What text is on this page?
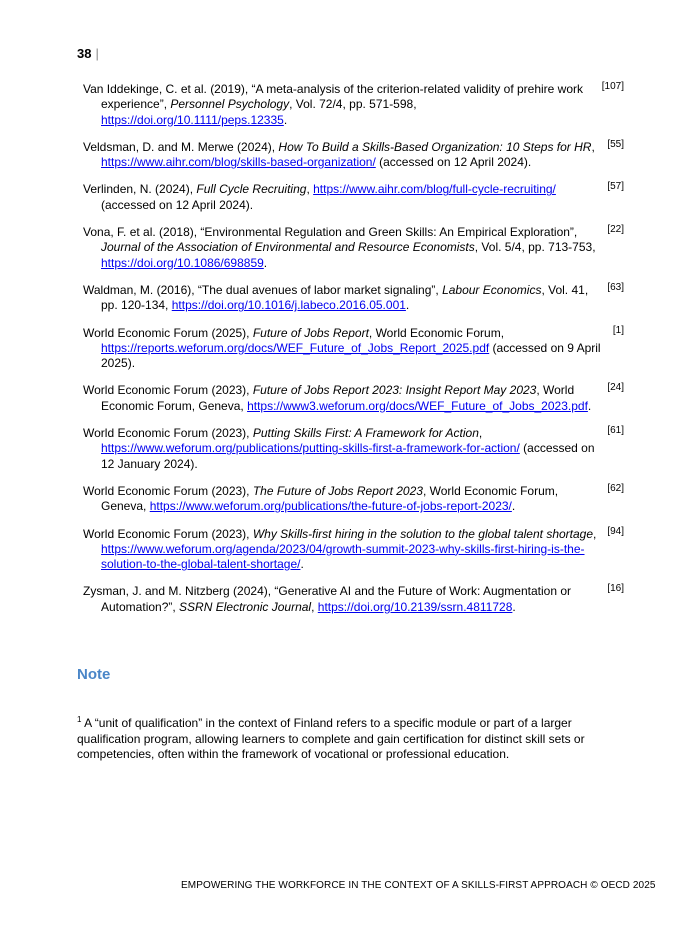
38 |
Van Iddekinge, C. et al. (2019), “A meta-analysis of the criterion-related validity of prehire work experience”, Personnel Psychology, Vol. 72/4, pp. 571-598, https://doi.org/10.1111/peps.12335.
[107]
Veldsman, D. and M. Merwe (2024), How To Build a Skills-Based Organization: 10 Steps for HR, https://www.aihr.com/blog/skills-based-organization/ (accessed on 12 April 2024).
[55]
Verlinden, N. (2024), Full Cycle Recruiting, https://www.aihr.com/blog/full-cycle-recruiting/ (accessed on 12 April 2024).
[57]
Vona, F. et al. (2018), “Environmental Regulation and Green Skills: An Empirical Exploration”, Journal of the Association of Environmental and Resource Economists, Vol. 5/4, pp. 713-753, https://doi.org/10.1086/698859.
[22]
Waldman, M. (2016), “The dual avenues of labor market signaling”, Labour Economics, Vol. 41, pp. 120-134, https://doi.org/10.1016/j.labeco.2016.05.001.
[63]
World Economic Forum (2025), Future of Jobs Report, World Economic Forum, https://reports.weforum.org/docs/WEF_Future_of_Jobs_Report_2025.pdf (accessed on 9 April 2025).
[1]
World Economic Forum (2023), Future of Jobs Report 2023: Insight Report May 2023, World Economic Forum, Geneva, https://www3.weforum.org/docs/WEF_Future_of_Jobs_2023.pdf.
[24]
World Economic Forum (2023), Putting Skills First: A Framework for Action, https://www.weforum.org/publications/putting-skills-first-a-framework-for-action/ (accessed on 12 January 2024).
[61]
World Economic Forum (2023), The Future of Jobs Report 2023, World Economic Forum, Geneva, https://www.weforum.org/publications/the-future-of-jobs-report-2023/.
[62]
World Economic Forum (2023), Why Skills-first hiring in the solution to the global talent shortage, https://www.weforum.org/agenda/2023/04/growth-summit-2023-why-skills-first-hiring-is-the-solution-to-the-global-talent-shortage/.
[94]
Zysman, J. and M. Nitzberg (2024), “Generative AI and the Future of Work: Augmentation or Automation?”, SSRN Electronic Journal, https://doi.org/10.2139/ssrn.4811728.
[16]
Note
$^1$ A “unit of qualification” in the context of Finland refers to a specific module or part of a larger qualification program, allowing learners to complete and gain certification for distinct skill sets or competencies, often within the framework of vocational or professional education.
EMPOWERING THE WORKFORCE IN THE CONTEXT OF A SKILLS-FIRST APPROACH © OECD 2025
